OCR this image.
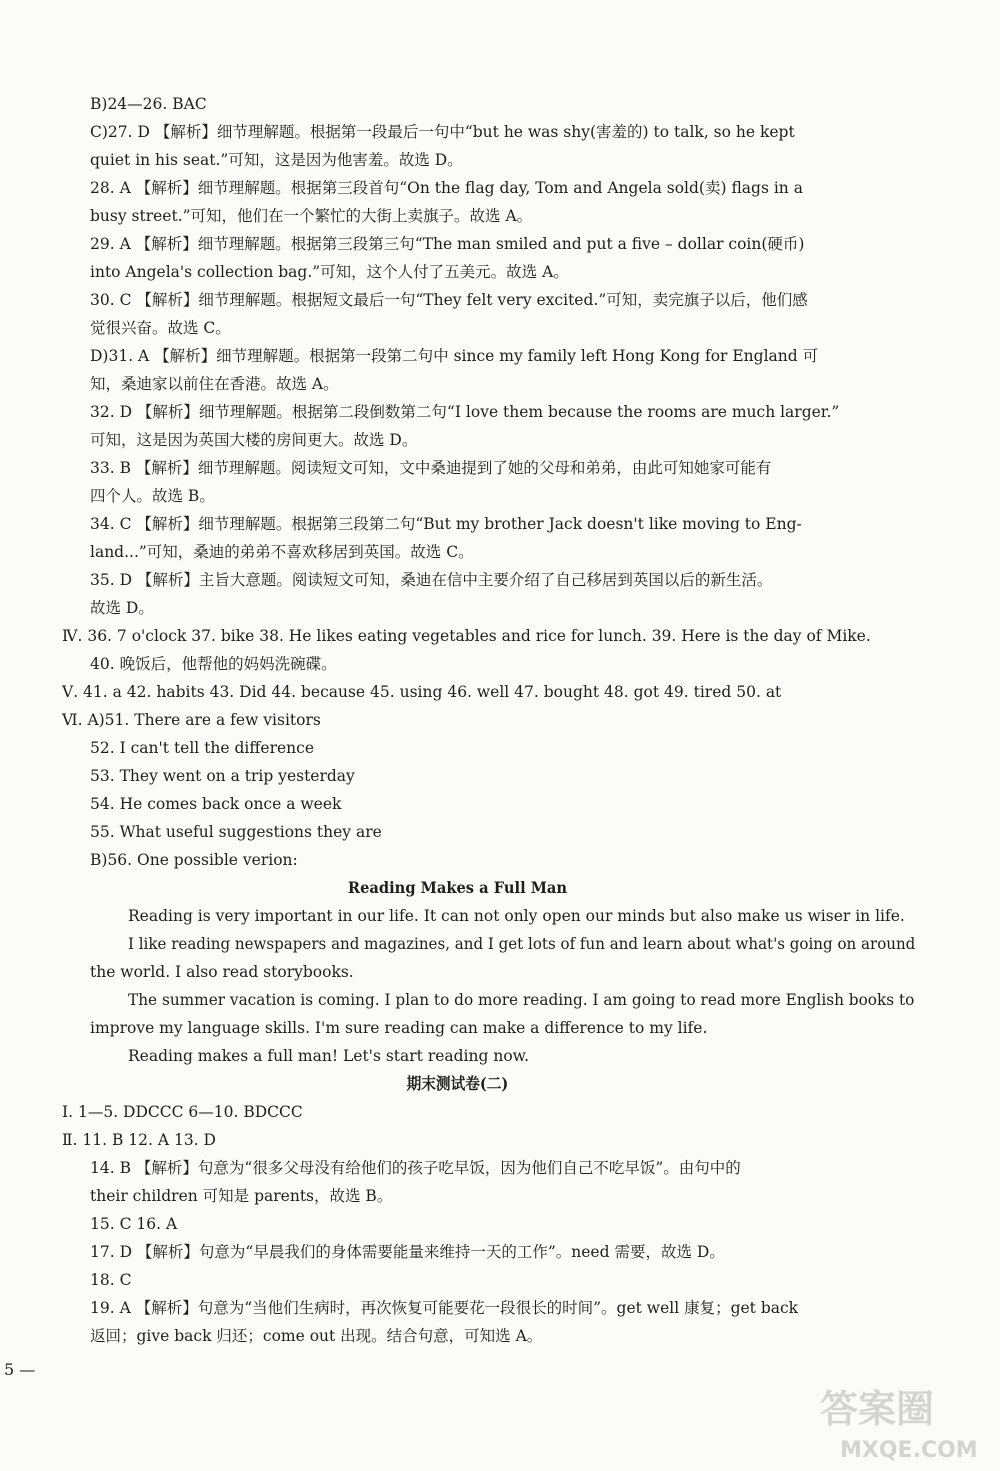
B)24—26. BAC
C)27. D 【解析】细节理解题。根据第一段最后一句中“but he was shy(害羞的) to talk, so he kept
quiet in his seat.”可知，这是因为他害羞。故选 D。
28. A 【解析】细节理解题。根据第三段首句“On the flag day, Tom and Angela sold(卖) flags in a
busy street.”可知，他们在一个繁忙的大街上卖旗子。故选 A。
29. A 【解析】细节理解题。根据第三段第三句“The man smiled and put a five – dollar coin(硬币)
into Angela's collection bag.”可知，这个人付了五美元。故选 A。
30. C 【解析】细节理解题。根据短文最后一句“They felt very excited.”可知，卖完旗子以后，他们感
觉很兴奋。故选 C。
D)31. A 【解析】细节理解题。根据第一段第二句中 since my family left Hong Kong for England 可
知，桑迪家以前住在香港。故选 A。
32. D 【解析】细节理解题。根据第二段倒数第二句“I love them because the rooms are much larger.”
可知，这是因为英国大楼的房间更大。故选 D。
33. B 【解析】细节理解题。阅读短文可知，文中桑迪提到了她的父母和弟弟，由此可知她家可能有
四个人。故选 B。
34. C 【解析】细节理解题。根据第三段第二句“But my brother Jack doesn't like moving to Eng-
land...”可知，桑迪的弟弟不喜欢移居到英国。故选 C。
35. D 【解析】主旨大意题。阅读短文可知，桑迪在信中主要介绍了自己移居到英国以后的新生活。
故选 D。
Ⅳ. 36. 7 o'clock 37. bike 38. He likes eating vegetables and rice for lunch. 39. Here is the day of Mike.
40. 晚饭后，他帮他的妈妈洗碗碟。
Ⅴ. 41. a 42. habits 43. Did 44. because 45. using 46. well 47. bought 48. got 49. tired 50. at
Ⅵ. A)51. There are a few visitors
52. I can't tell the difference
53. They went on a trip yesterday
54. He comes back once a week
55. What useful suggestions they are
B)56. One possible verion:
Reading Makes a Full Man
Reading is very important in our life. It can not only open our minds but also make us wiser in life.
I like reading newspapers and magazines, and I get lots of fun and learn about what's going on around
the world. I also read storybooks.
The summer vacation is coming. I plan to do more reading. I am going to read more English books to
improve my language skills. I'm sure reading can make a difference to my life.
Reading makes a full man! Let's start reading now.
期末测试卷(二)
Ⅰ. 1—5. DDCCC 6—10. BDCCC
Ⅱ. 11. B 12. A 13. D
14. B 【解析】句意为“很多父母没有给他们的孩子吃早饭，因为他们自己不吃早饭”。由句中的
their children 可知是 parents，故选 B。
15. C 16. A
17. D 【解析】句意为“早晨我们的身体需要能量来维持一天的工作”。need 需要，故选 D。
18. C
19. A 【解析】句意为“当他们生病时，再次恢复可能要花一段很长的时间”。get well 康复；get back
返回；give back 归还；come out 出现。结合句意，可知选 A。
5 —
答案圈
MXQE.COM
